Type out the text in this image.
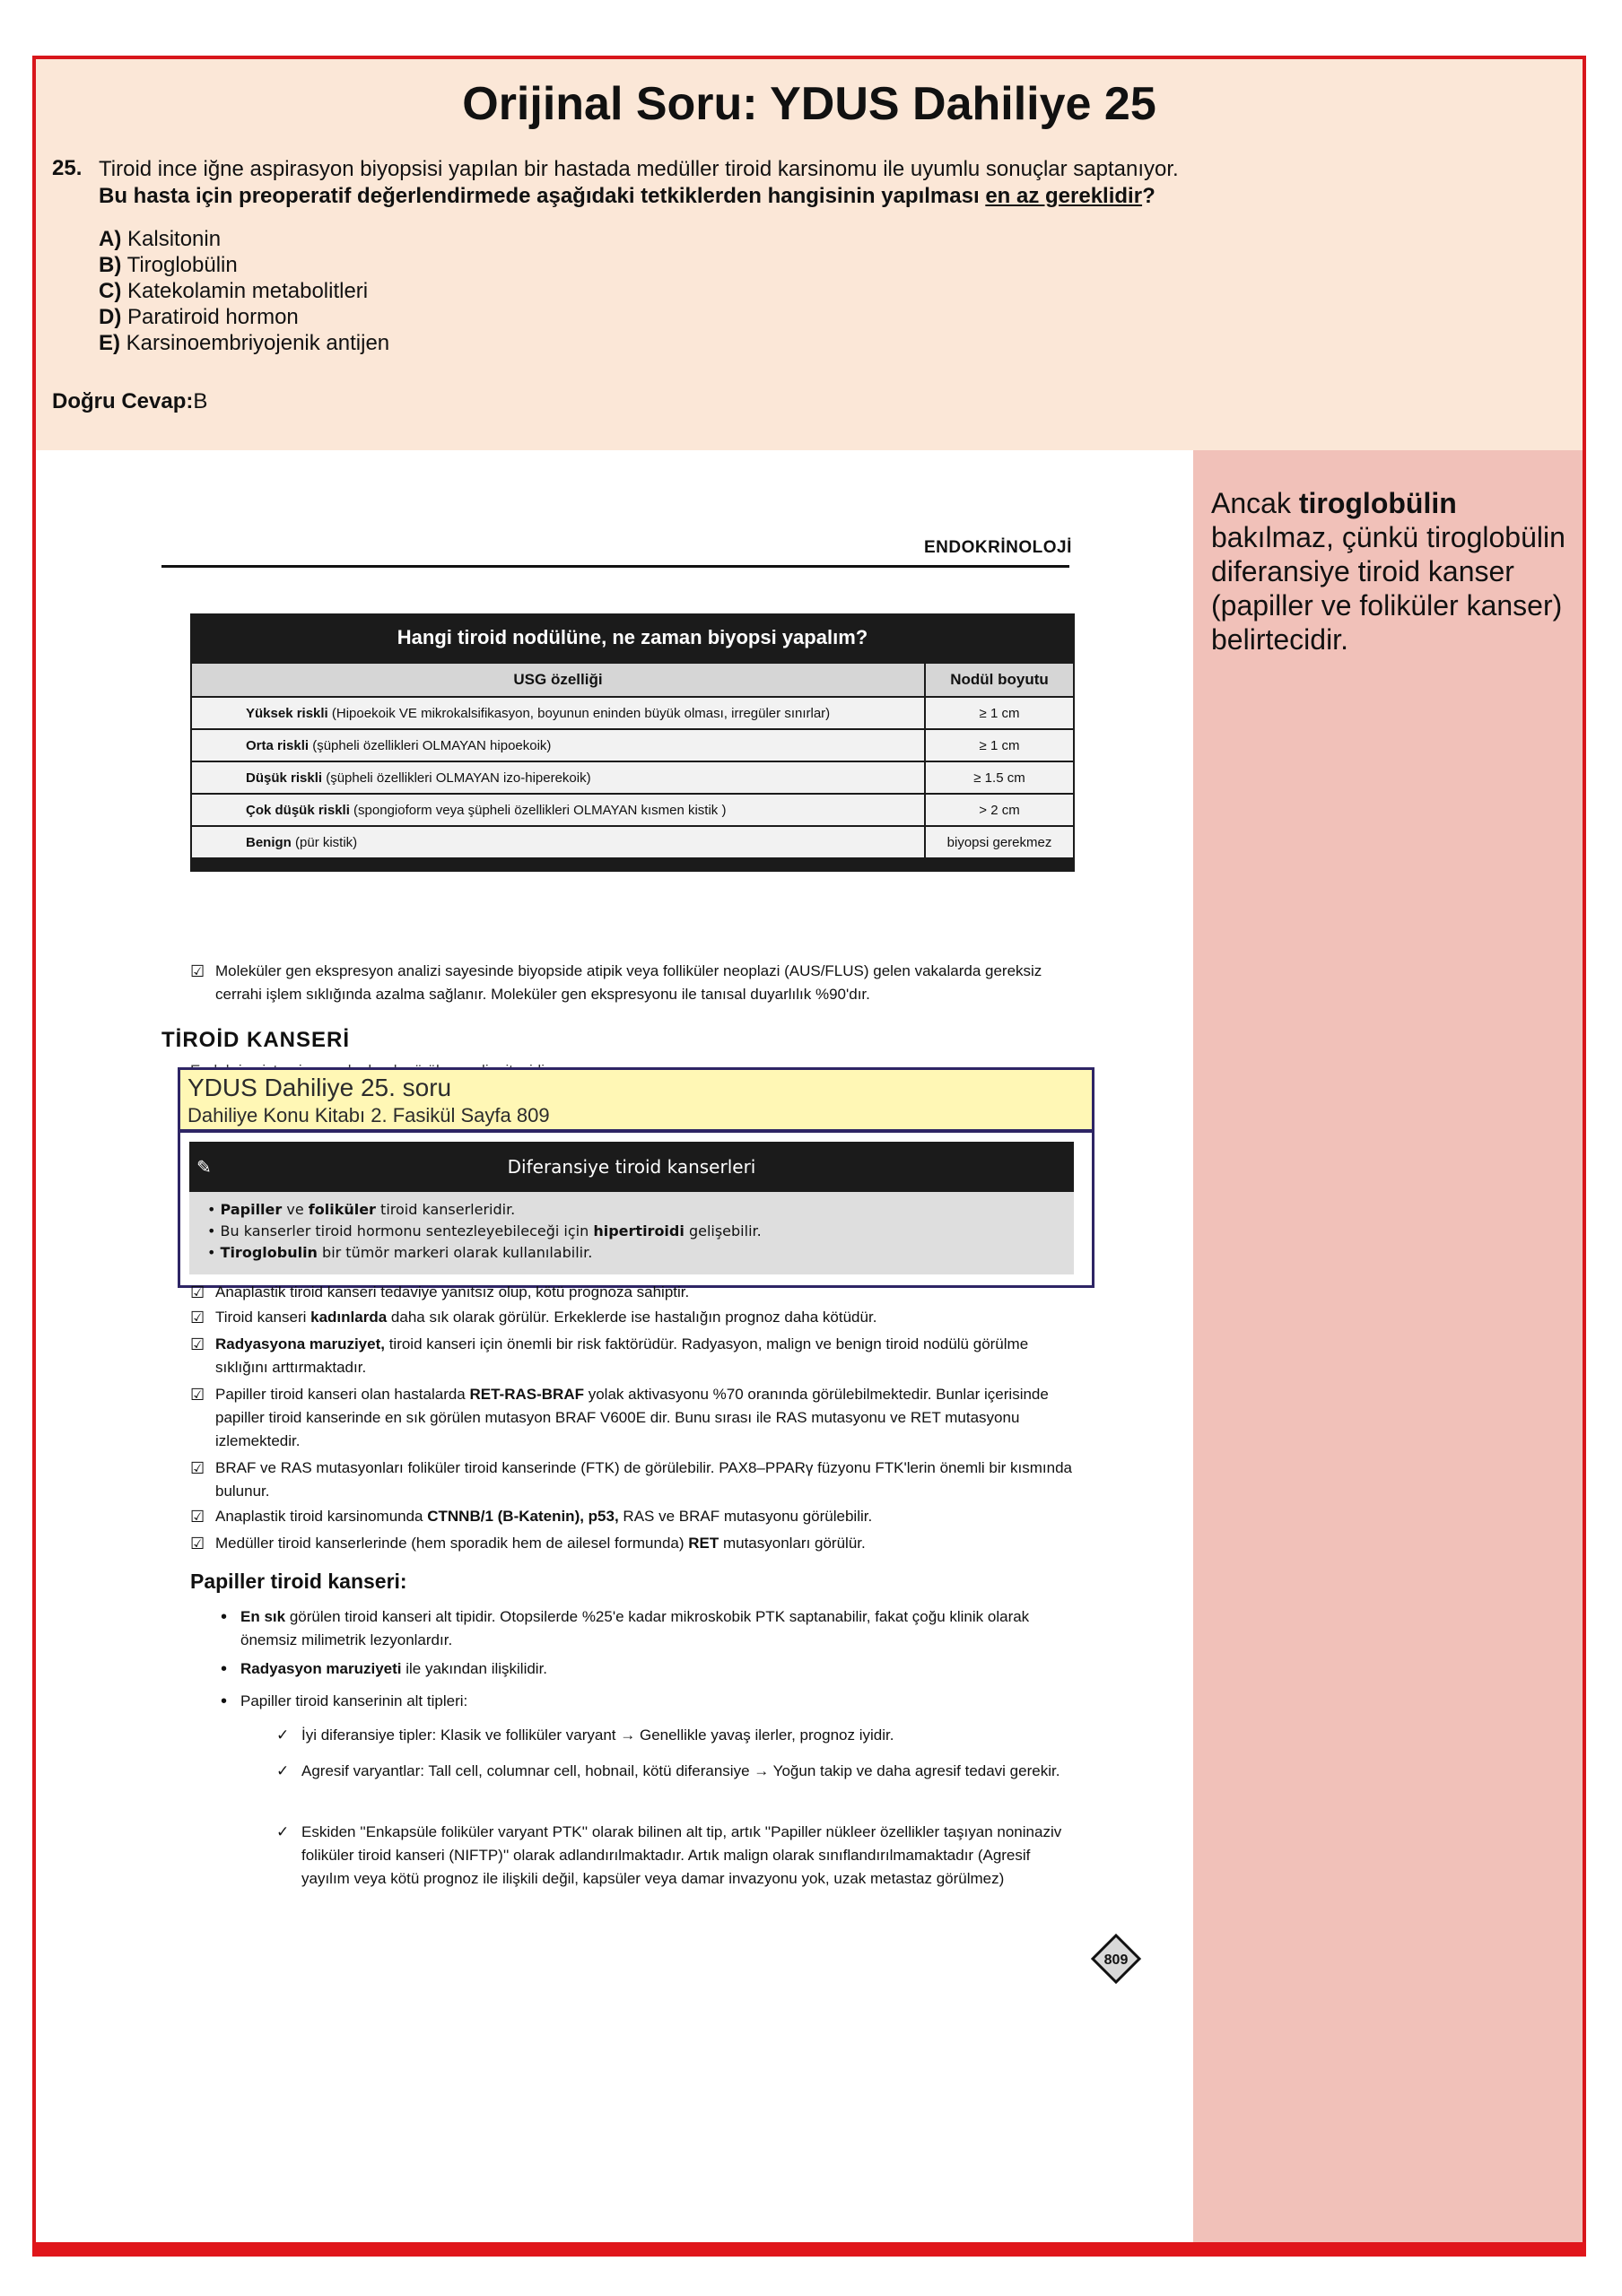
Orijinal Soru: YDUS Dahiliye 25
25. Tiroid ince iğne aspirasyon biyopsisi yapılan bir hastada medüller tiroid karsinomu ile uyumlu sonuçlar saptanıyor.
Bu hasta için preoperatif değerlendirmede aşağıdaki tetkiklerden hangisinin yapılması en az gereklidir?
A) Kalsitonin
B) Tiroglobülin
C) Katekolamin metabolitleri
D) Paratiroid hormon
E) Karsinoembriyojenik antijen
Doğru Cevap:B
ENDOKRİNOLOJİ
Hangi tiroid nodülüne, ne zaman biyopsi yapalım?
USG özelliği	Nodül boyutu
Yüksek riskli (Hipoekoik VE mikrokalsifikasyon, boyunun eninden büyük olması, irregüler sınırlar)	≥ 1 cm
Orta riskli (şüpheli özellikleri OLMAYAN hipoekoik)	≥ 1 cm
Düşük riskli (şüpheli özellikleri OLMAYAN izo-hiperekoik)	≥ 1.5 cm
Çok düşük riskli (spongioform veya şüpheli özellikleri OLMAYAN kısmen kistik )	> 2 cm
Benign (pür kistik)	biyopsi gerekmez
☑ Moleküler gen ekspresyon analizi sayesinde biyopside atipik veya folliküler neoplazi (AUS/FLUS) gelen vakalarda gereksiz cerrahi işlem sıklığında azalma sağlanır. Moleküler gen ekspresyonu ile tanısal duyarlılık %90'dır.
TİROİD KANSERİ
YDUS Dahiliye 25. soru
Dahiliye Konu Kitabı 2. Fasikül Sayfa 809
✎	Diferansiye tiroid kanserleri
• Papiller ve foliküler tiroid kanserleridir.
• Bu kanserler tiroid hormonu sentezleyebileceği için hipertiroidi gelişebilir.
• Tiroglobulin bir tümör markeri olarak kullanılabilir.
☑ Anaplastik tiroid kanseri tedaviye yanıtsız olup, kötü prognoza sahiptir.
☑ Tiroid kanseri kadınlarda daha sık olarak görülür. Erkeklerde ise hastalığın prognoz daha kötüdür.
☑ Radyasyona maruziyet, tiroid kanseri için önemli bir risk faktörüdür. Radyasyon, malign ve benign tiroid nodülü görülme sıklığını arttırmaktadır.
☑ Papiller tiroid kanseri olan hastalarda RET-RAS-BRAF yolak aktivasyonu %70 oranında görülebilmektedir. Bunlar içerisinde papiller tiroid kanserinde en sık görülen mutasyon BRAF V600E dir. Bunu sırası ile RAS mutasyonu ve RET mutasyonu izlemektedir.
☑ BRAF ve RAS mutasyonları foliküler tiroid kanserinde (FTK) de görülebilir. PAX8–PPARγ füzyonu FTK'lerin önemli bir kısmında bulunur.
☑ Anaplastik tiroid karsinomunda CTNNB/1 (B-Katenin), p53, RAS ve BRAF mutasyonu görülebilir.
☑ Medüller tiroid kanserlerinde (hem sporadik hem de ailesel formunda) RET mutasyonları görülür.
Papiller tiroid kanseri:
• En sık görülen tiroid kanseri alt tipidir. Otopsilerde %25'e kadar mikroskobik PTK saptanabilir, fakat çoğu klinik olarak önemsiz milimetrik lezyonlardır.
• Radyasyon maruziyeti ile yakından ilişkilidir.
• Papiller tiroid kanserinin alt tipleri:
✓ İyi diferansiye tipler: Klasik ve folliküler varyant → Genellikle yavaş ilerler, prognoz iyidir.
✓ Agresif varyantlar: Tall cell, columnar cell, hobnail, kötü diferansiye → Yoğun takip ve daha agresif tedavi gerekir.
✓ Eskiden ''Enkapsüle foliküler varyant PTK'' olarak bilinen alt tip, artık ''Papiller nükleer özellikler taşıyan noninaziv foliküler tiroid kanseri (NIFTP)'' olarak adlandırılmaktadır. Artık malign olarak sınıflandırılmamaktadır (Agresif yayılım veya kötü prognoz ile ilişkili değil, kapsüler veya damar invazyonu yok, uzak metastaz görülmez)
809
Ancak tiroglobülin bakılmaz, çünkü tiroglobülin diferansiye tiroid kanser (papiller ve foliküler kanser) belirtecidir.
